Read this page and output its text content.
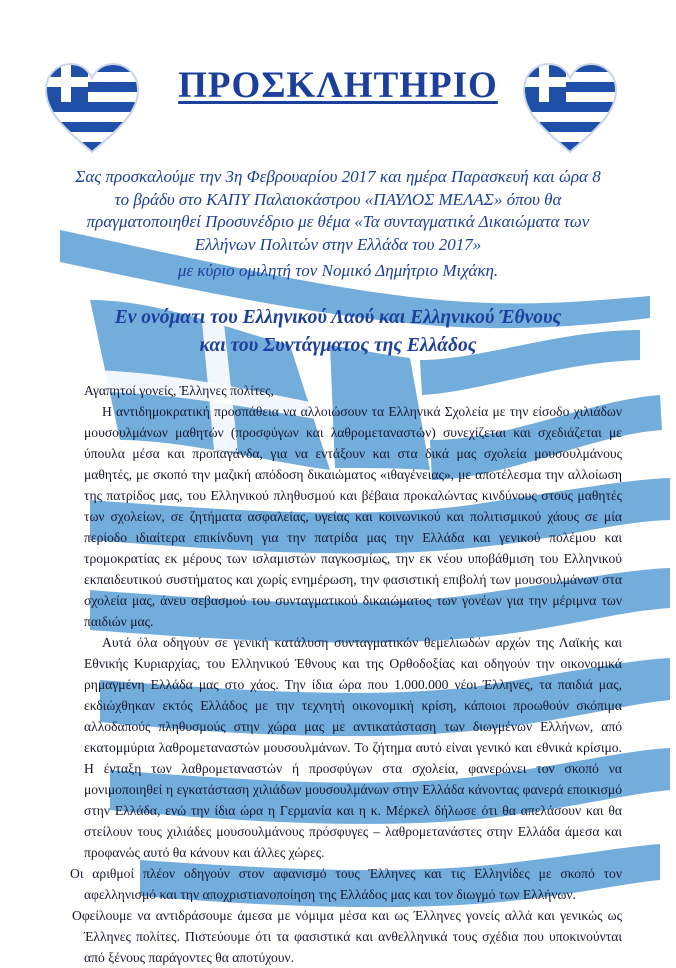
ΠΡΟΣΚΛΗΤΗΡΙΟ

Σας προσκαλούμε την 3η Φεβρουαρίου 2017 και ημέρα Παρασκευή και ώρα 8 το βράδυ στο ΚΑΠΥ Παλαιοκάστρου «ΠΑΥΛΟΣ ΜΕΛΑΣ» όπου θα πραγματοποιηθεί Προσυνέδριο με θέμα «Τα συνταγματικά Δικαιώματα των Ελλήνων Πολιτών στην Ελλάδα του 2017»

με κύριο ομιλητή τον Νομικό Δημήτριο Μιχάκη.

Εν ονόματι του Ελληνικού Λαού και Ελληνικού Έθνους

και του Συντάγματος της Ελλάδος

Αγαπητοί γονείς, Έλληνες πολίτες,

Η αντιδημοκρατική προσπάθεια να αλλοιώσουν τα Ελληνικά Σχολεία με την είσοδο χιλιάδων μουσουλμάνων μαθητών (προσφύγων και λαθρομεταναστών) συνεχίζεται και σχεδιάζεται με ύπουλα μέσα και προπαγάνδα, για να εντάξουν και στα δικά μας σχολεία μουσουλμάνους μαθητές, με σκοπό την μαζική απόδοση δικαιώματος «ιθαγένειας», με αποτέλεσμα την αλλοίωση της πατρίδος μας, του Ελληνικού πληθυσμού και βέβαια προκαλώντας κινδύνους στους μαθητές των σχολείων, σε ζητήματα ασφαλείας, υγείας και κοινωνικού και πολιτισμικού χάους σε μία περίοδο ιδιαίτερα επικίνδυνη για την πατρίδα μας την Ελλάδα και γενικού πολέμου και τρομοκρατίας εκ μέρους των ισλαμιστών παγκοσμίως, την εκ νέου υποβάθμιση του Ελληνικού εκπαιδευτικού συστήματος και χωρίς ενημέρωση, την φασιστική επιβολή των μουσουλμάνων στα σχολεία μας, άνευ σεβασμού του συνταγματικού δικαιώματος των γονέων για την μέριμνα των παιδιών μας.

Αυτά όλα οδηγούν σε γενική κατάλυση συνταγματικών θεμελιωδών αρχών της Λαϊκής και Εθνικής Κυριαρχίας, του Ελληνικού Έθνους και της Ορθοδοξίας και οδηγούν την οικονομικά ρημαγμένη Ελλάδα μας στο χάος. Την ίδια ώρα που 1.000.000 νέοι Έλληνες, τα παιδιά μας, εκδιώχθηκαν εκτός Ελλάδος με την τεχνητή οικονομική κρίση, κάποιοι προωθούν σκόπιμα αλλοδαπούς πληθυσμούς στην χώρα μας με αντικατάσταση των διωγμένων Ελλήνων, από εκατομμύρια λαθρομεταναστών μουσουλμάνων. Το ζήτημα αυτό είναι γενικό και εθνικά κρίσιμο. Η ένταξη των λαθρομεταναστών ή προσφύγων στα σχολεία, φανερώνει τον σκοπό να μονιμοποιηθεί η εγκατάσταση χιλιάδων μουσουλμάνων στην Ελλάδα κάνοντας φανερά εποικισμό στην Ελλάδα, ενώ την ίδια ώρα η Γερμανία και η κ. Μέρκελ δήλωσε ότι θα απελάσουν και θα στείλουν τους χιλιάδες μουσουλμάνους πρόσφυγες – λαθρομετανάστες στην Ελλάδα άμεσα και προφανώς αυτό θα κάνουν και άλλες χώρες.

Οι αριθμοί πλέον οδηγούν στον αφανισμό τους Έλληνες και τις Ελληνίδες με σκοπό τον αφελληνισμό και την αποχριστιανοποίηση της Ελλάδος μας και τον διωγμό των Ελλήνων.

Οφείλουμε να αντιδράσουμε άμεσα με νόμιμα μέσα και ως Έλληνες γονείς αλλά και γενικώς ως Έλληνες πολίτες. Πιστεύουμε ότι τα φασιστικά και ανθελληνικά τους σχέδια που υποκινούνται από ξένους παράγοντες θα αποτύχουν.
